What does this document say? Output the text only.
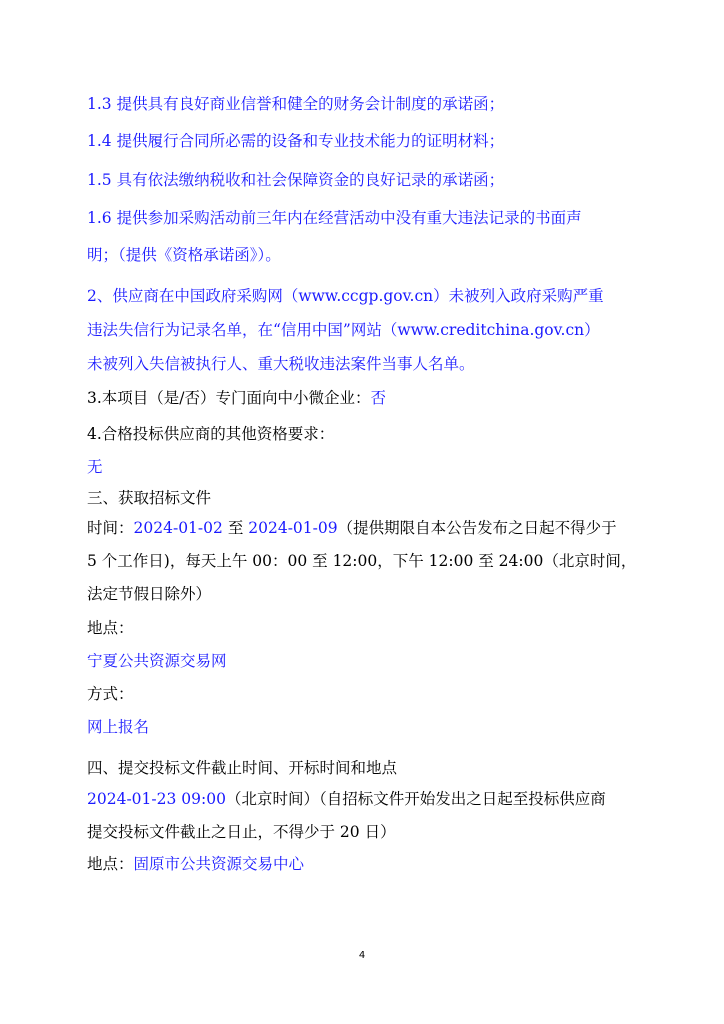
1.3 提供具有良好商业信誉和健全的财务会计制度的承诺函；
1.4 提供履行合同所必需的设备和专业技术能力的证明材料；
1.5 具有依法缴纳税收和社会保障资金的良好记录的承诺函；
1.6 提供参加采购活动前三年内在经营活动中没有重大违法记录的书面声
明；（提供《资格承诺函》）。
2、供应商在中国政府采购网（www.ccgp.gov.cn）未被列入政府采购严重
违法失信行为记录名单，在“信用中国”网站（www.creditchina.gov.cn）
未被列入失信被执行人、重大税收违法案件当事人名单。
3.本项目（是/否）专门面向中小微企业：否
4.合格投标供应商的其他资格要求：
无
三、获取招标文件
时间：2024-01-02 至 2024-01-09（提供期限自本公告发布之日起不得少于
5 个工作日)，每天上午 00：00 至 12:00，下午 12:00 至 24:00（北京时间，
法定节假日除外）
地点：
宁夏公共资源交易网
方式：
网上报名
四、提交投标文件截止时间、开标时间和地点
2024-01-23 09:00（北京时间）（自招标文件开始发出之日起至投标供应商
提交投标文件截止之日止，不得少于 20 日）
地点：固原市公共资源交易中心
4
